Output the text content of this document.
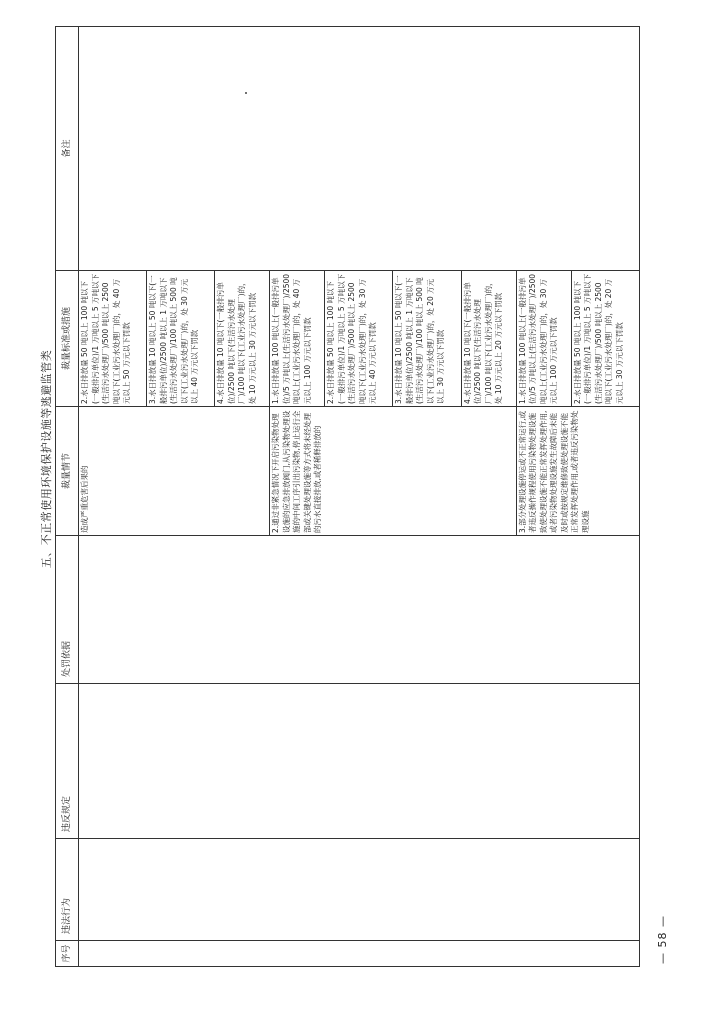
五、不正常使用环境保护设施等逃避监管类
序号	违法行为	违反规定	处罚依据	裁量情节	裁量标准或措施	备注
				造成严重危害后果的	2.水日排放量 50 吨以上 100 吨以下(一般排污单位)/1 万吨以上 5 万吨以下(生活污水处理厂)/500 吨以上 2500 吨以下(工业污水处理厂)的，处 40 万元以上 50 万元以下罚款	
					3.水日排放量 10 吨以上 50 吨以下(一般排污单位)/2500 吨以上 1 万吨以下(生活污水处理厂)/100 吨以上 500 吨以下(工业污水处理厂)的，处 30 万元以上 40 万元以下罚款	
					4.水日排放量 10 吨以下(一般排污单位)/2500 吨以下(生活污水处理厂)/100 吨以下(工业污水处理厂)的，处 10 万元以上 30 万元以下罚款	
				2.通过非紧急情况下开启污染物处理设施的应急排放阀门,从污染物处理设施的中间工序引出污染物,停止运行全部或关键处理设施等方式将未经处理的污水直接排放,或者稀释排放的	1.水日排放量 100 吨以上(一般排污单位)/5 万吨以上(生活污水处理厂)/2500 吨以上(工业污水处理厂)的，处 40 万元以上 100 万元以下罚款	
					2.水日排放量 50 吨以上 100 吨以下(一般排污单位)/1 万吨以上 5 万吨以下(生活污水处理厂)/500 吨以上 2500 吨以下(工业污水处理厂)的，处 30 万元以上 40 万元以下罚款	
					3.水日排放量 10 吨以上 50 吨以下(一般排污单位)/2500 吨以上 1 万吨以下(生活污水处理厂)/100 吨以上 500 吨以下(工业污水处理厂)的，处 20 万元以上 30 万元以下罚款	
					4.水日排放量 10 吨以下(一般排污单位)/2500 吨以下(生活污水处理厂)/100 吨以下(工业污水处理厂)的，处 10 万元以上 20 万元以下罚款	
				3.部分处理设施停运或不正常运行,或者违反操作规程使用污染物处理设施致使处理设施不能正常发挥处理作用,或者污染物处理设施发生故障后未能及时或按规定维修致使处理设施不能正常发挥处理作用,或者违反污染物处理设施	1.水日排放量 100 吨以上(一般排污单位)/5 万吨以上(生活污水处理厂)/2500 吨以上(工业污水处理厂)的，处 30 万元以上 100 万元以下罚款	
					2.水日排放量 50 吨以上 100 吨以下(一般排污单位)/1 万吨以上 5 万吨以下(生活污水处理厂)/500 吨以上 2500 吨以下(工业污水处理厂)的，处 20 万元以上 30 万元以下罚款	
— 58 —
